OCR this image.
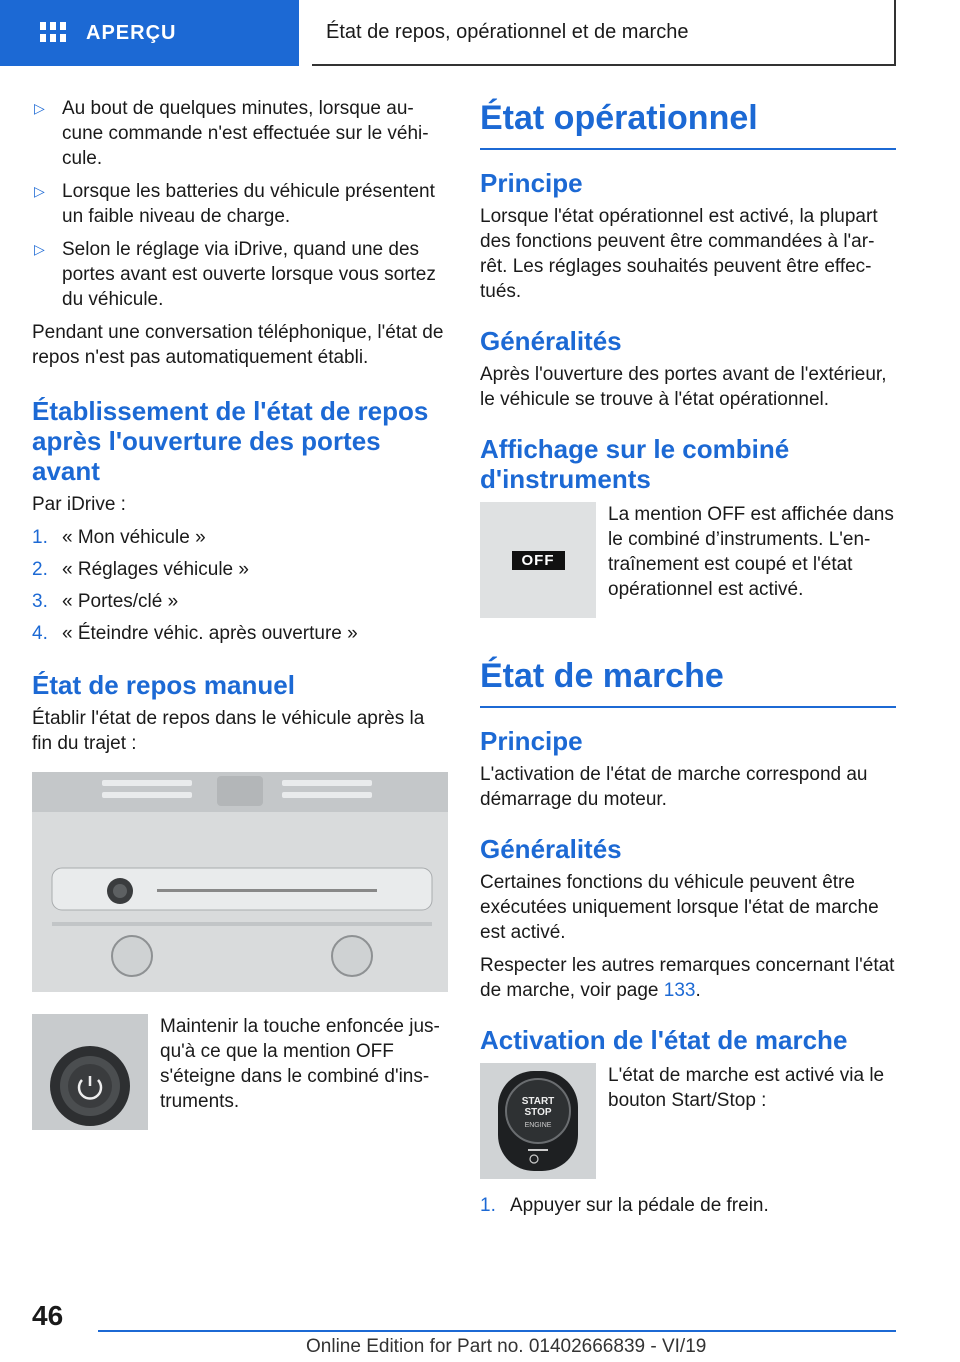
APERÇU	État de repos, opérationnel et de marche
▷ Au bout de quelques minutes, lorsque au-cune commande n'est effectuée sur le véhi-cule.
▷ Lorsque les batteries du véhicule présentent un faible niveau de charge.
▷ Selon le réglage via iDrive, quand une des portes avant est ouverte lorsque vous sortez du véhicule.

Pendant une conversation téléphonique, l'état de repos n'est pas automatiquement établi.

Établissement de l'état de repos après l'ouverture des portes avant

Par iDrive :

1. « Mon véhicule »
2. « Réglages véhicule »
3. « Portes/clé »
4. « Éteindre véhic. après ouverture »
État de repos manuel

Établir l'état de repos dans le véhicule après la fin du trajet :

Maintenir la touche enfoncée jus-qu'à ce que la mention OFF s'éteigne dans le combiné d'ins-truments.
État opérationnel
Principe

Lorsque l'état opérationnel est activé, la plupart des fonctions peuvent être commandées à l'ar-rêt. Les réglages souhaités peuvent être effec-tués.

Généralités

Après l'ouverture des portes avant de l'extérieur, le véhicule se trouve à l'état opérationnel.

Affichage sur le combiné d'instruments
OFF
La mention OFF est affichée dans le combiné d’instruments. L'en-traînement est coupé et l'état opérationnel est activé.
État de marche
Principe

L'activation de l'état de marche correspond au démarrage du moteur.

Généralités

Certaines fonctions du véhicule peuvent être exécutées uniquement lorsque l'état de marche est activé.

Respecter les autres remarques concernant l'état de marche, voir page 133.

Activation de l'état de marche
START
STOP
ENGINE
L'état de marche est activé via le bouton Start/Stop :
1. Appuyer sur la pédale de frein.
46
Online Edition for Part no. 01402666839 - VI/19
